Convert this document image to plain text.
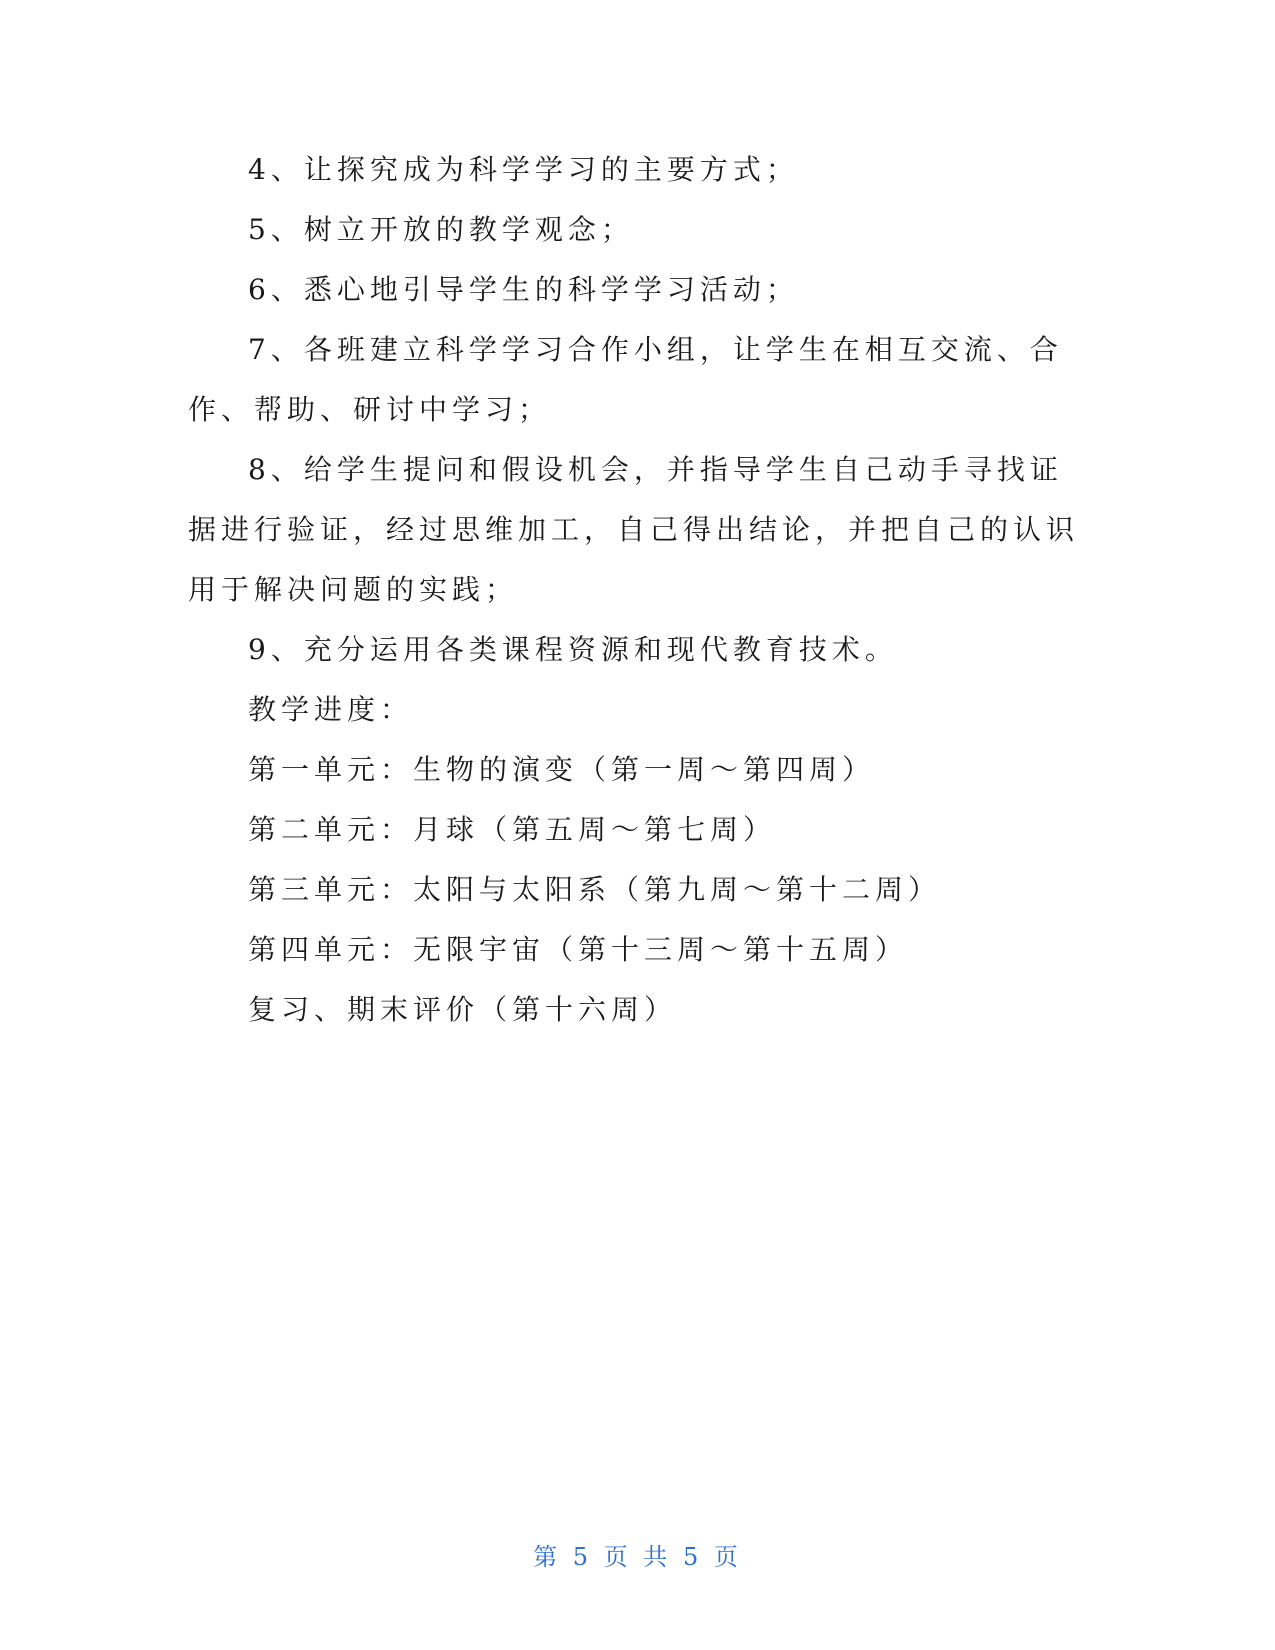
4、让探究成为科学学习的主要方式；

5、树立开放的教学观念；

6、悉心地引导学生的科学学习活动；

7、各班建立科学学习合作小组，让学生在相互交流、合作、帮助、研讨中学习；

8、给学生提问和假设机会，并指导学生自己动手寻找证据进行验证，经过思维加工，自己得出结论，并把自己的认识用于解决问题的实践；

9、充分运用各类课程资源和现代教育技术。

教学进度：

第一单元：生物的演变（第一周～第四周）

第二单元：月球（第五周～第七周）

第三单元：太阳与太阳系（第九周～第十二周）

第四单元：无限宇宙（第十三周～第十五周）

复习、期末评价（第十六周）

第 5 页 共 5 页
